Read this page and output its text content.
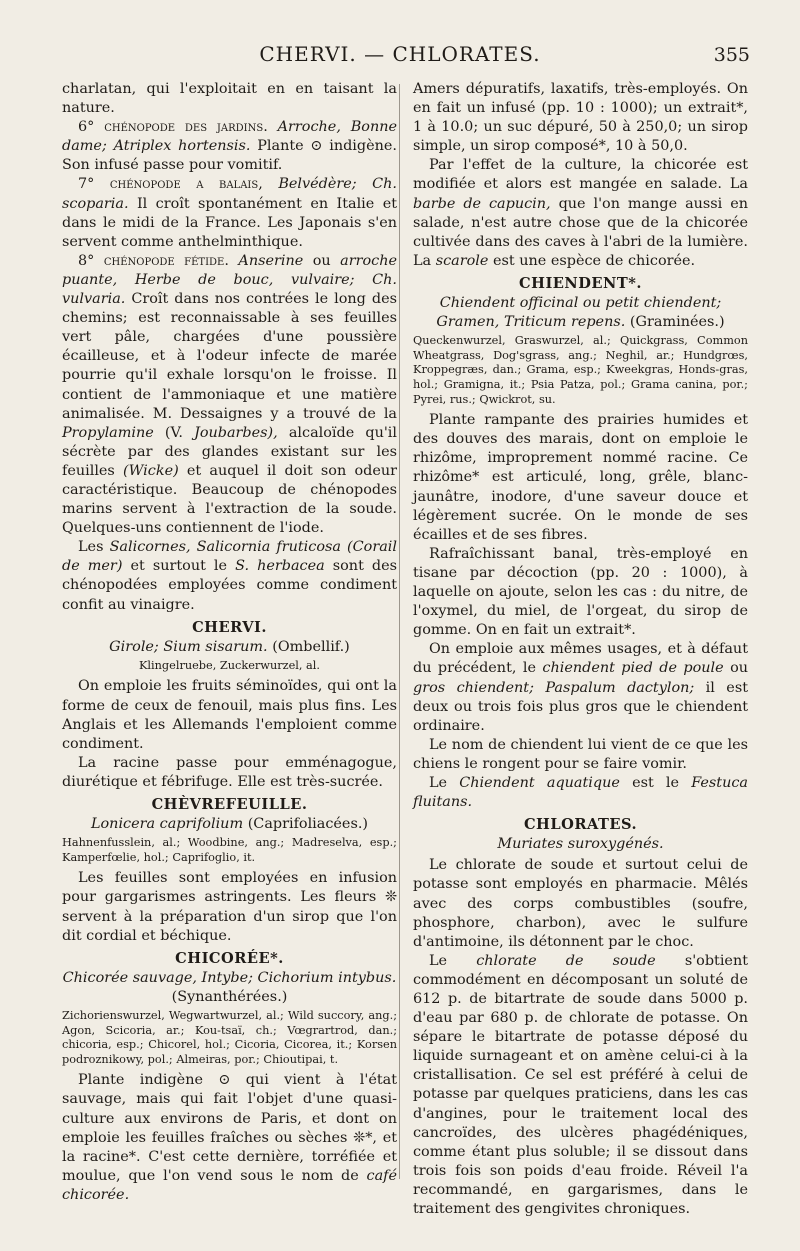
CHERVI. — CHLORATES.	355

charlatan, qui l'exploitait en en taisant la nature.

6° chénopode des jardins. Arroche, Bonne dame; Atriplex hortensis. Plante ⊙ indigène. Son infusé passe pour vomitif.

7° chénopode a balais, Belvédère; Ch. scoparia. Il croît spontanément en Italie et dans le midi de la France. Les Japonais s'en servent comme anthelminthique.

8° chénopode fétide. Anserine ou arroche puante, Herbe de bouc, vulvaire; Ch. vulvaria. Croît dans nos contrées le long des chemins; est reconnaissable à ses feuilles vert pâle, chargées d'une poussière écailleuse, et à l'odeur infecte de marée pourrie qu'il exhale lorsqu'on le froisse. Il contient de l'ammoniaque et une matière animalisée. M. Dessaignes y a trouvé de la Propylamine (V. Joubarbes), alcaloïde qu'il sécrète par des glandes existant sur les feuilles (Wicke) et auquel il doit son odeur caractéristique. Beaucoup de chénopodes marins servent à l'extraction de la soude. Quelques-uns contiennent de l'iode.

Les Salicornes, Salicornia fruticosa (Corail de mer) et surtout le S. herbacea sont des chénopodées employées comme condiment confit au vinaigre.

CHERVI.
Girole; Sium sisarum. (Ombellif.)
Klingelruebe, Zuckerwurzel, al.

On emploie les fruits séminoïdes, qui ont la forme de ceux de fenouil, mais plus fins. Les Anglais et les Allemands l'emploient comme condiment.

La racine passe pour emménagogue, diurétique et fébrifuge. Elle est très-sucrée.

CHÈVREFEUILLE.
Lonicera caprifolium (Caprifoliacées.)
Hahnenfusslein, al.; Woodbine, ang.; Madreselva, esp.; Kamperfœlie, hol.; Caprifoglio, it.

Les feuilles sont employées en infusion pour gargarismes astringents. Les fleurs ❊ servent à la préparation d'un sirop que l'on dit cordial et béchique.

CHICORÉE*.
Chicorée sauvage, Intybe; Cichorium intybus. (Synanthérées.)
Zichorienswurzel, Wegwartwurzel, al.; Wild succory, ang.; Agon, Scicoria, ar.; Kou-tsaï, ch.; Vœgrartrod, dan.; chicoria, esp.; Chicorel, hol.; Cicoria, Cicorea, it.; Korsen podroznikowy, pol.; Almeiras, por.; Chioutipai, t.

Plante indigène ⊙ qui vient à l'état sauvage, mais qui fait l'objet d'une quasi-culture aux environs de Paris, et dont on emploie les feuilles fraîches ou sèches ❊*, et la racine*. C'est cette dernière, torréfiée et moulue, que l'on vend sous le nom de café chicorée.

Amers dépuratifs, laxatifs, très-employés. On en fait un infusé (pp. 10 : 1000); un extrait*, 1 à 10.0; un suc dépuré, 50 à 250,0; un sirop simple, un sirop composé*, 10 à 50,0.

Par l'effet de la culture, la chicorée est modifiée et alors est mangée en salade. La barbe de capucin, que l'on mange aussi en salade, n'est autre chose que de la chicorée cultivée dans des caves à l'abri de la lumière. La scarole est une espèce de chicorée.

CHIENDENT*.
Chiendent officinal ou petit chiendent; Gramen, Triticum repens. (Graminées.)
Queckenwurzel, Graswurzel, al.; Quickgrass, Common Wheatgrass, Dog'sgrass, ang.; Neghil, ar.; Hundgrœs, Kroppegræs, dan.; Grama, esp.; Kweekgras, Honds-gras, hol.; Gramigna, it.; Psia Patza, pol.; Grama canina, por.; Pyrei, rus.; Qwickrot, su.

Plante rampante des prairies humides et des douves des marais, dont on emploie le rhizôme, improprement nommé racine. Ce rhizôme* est articulé, long, grêle, blanc-jaunâtre, inodore, d'une saveur douce et légèrement sucrée. On le monde de ses écailles et de ses fibres.

Rafraîchissant banal, très-employé en tisane par décoction (pp. 20 : 1000), à laquelle on ajoute, selon les cas : du nitre, de l'oxymel, du miel, de l'orgeat, du sirop de gomme. On en fait un extrait*.

On emploie aux mêmes usages, et à défaut du précédent, le chiendent pied de poule ou gros chiendent; Paspalum dactylon; il est deux ou trois fois plus gros que le chiendent ordinaire.

Le nom de chiendent lui vient de ce que les chiens le rongent pour se faire vomir.

Le Chiendent aquatique est le Festuca fluitans.

CHLORATES.
Muriates suroxygénés.

Le chlorate de soude et surtout celui de potasse sont employés en pharmacie. Mêlés avec des corps combustibles (soufre, phosphore, charbon), avec le sulfure d'antimoine, ils détonnent par le choc.

Le chlorate de soude s'obtient commodément en décomposant un soluté de 612 p. de bitartrate de soude dans 5000 p. d'eau par 680 p. de chlorate de potasse. On sépare le bitartrate de potasse déposé du liquide surnageant et on amène celui-ci à la cristallisation. Ce sel est préféré à celui de potasse par quelques praticiens, dans les cas d'angines, pour le traitement local des cancroïdes, des ulcères phagédéniques, comme étant plus soluble; il se dissout dans trois fois son poids d'eau froide. Réveil l'a recommandé, en gargarismes, dans le traitement des gengivites chroniques.
